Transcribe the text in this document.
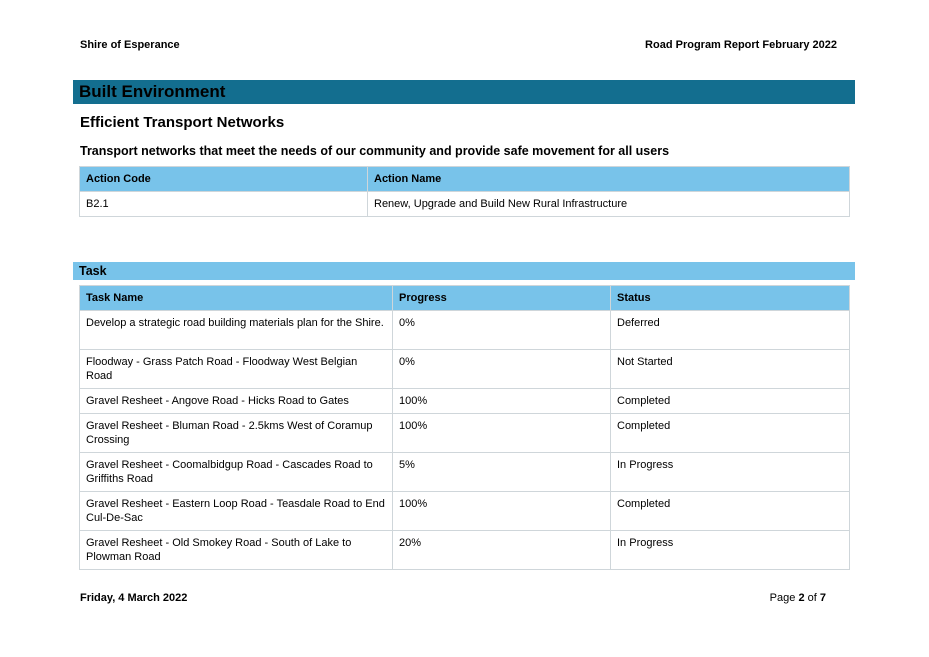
Shire of Esperance	Road Program Report February 2022
Built Environment
Efficient Transport Networks
Transport networks that meet the needs of our community and provide safe movement for all users
Action Code	Action Name
B2.1	Renew, Upgrade and Build New Rural Infrastructure
Task
Task Name	Progress	Status
Develop a strategic road building materials plan for the Shire.	0%	Deferred
Floodway - Grass Patch Road - Floodway West Belgian Road	0%	Not Started
Gravel Resheet - Angove Road - Hicks Road to Gates	100%	Completed
Gravel Resheet - Bluman Road - 2.5kms West of Coramup Crossing	100%	Completed
Gravel Resheet - Coomalbidgup Road - Cascades Road to Griffiths Road	5%	In Progress
Gravel Resheet - Eastern Loop Road - Teasdale Road to End Cul-De-Sac	100%	Completed
Gravel Resheet - Old Smokey Road - South of Lake to Plowman Road	20%	In Progress
Friday, 4 March 2022	Page 2 of 7
